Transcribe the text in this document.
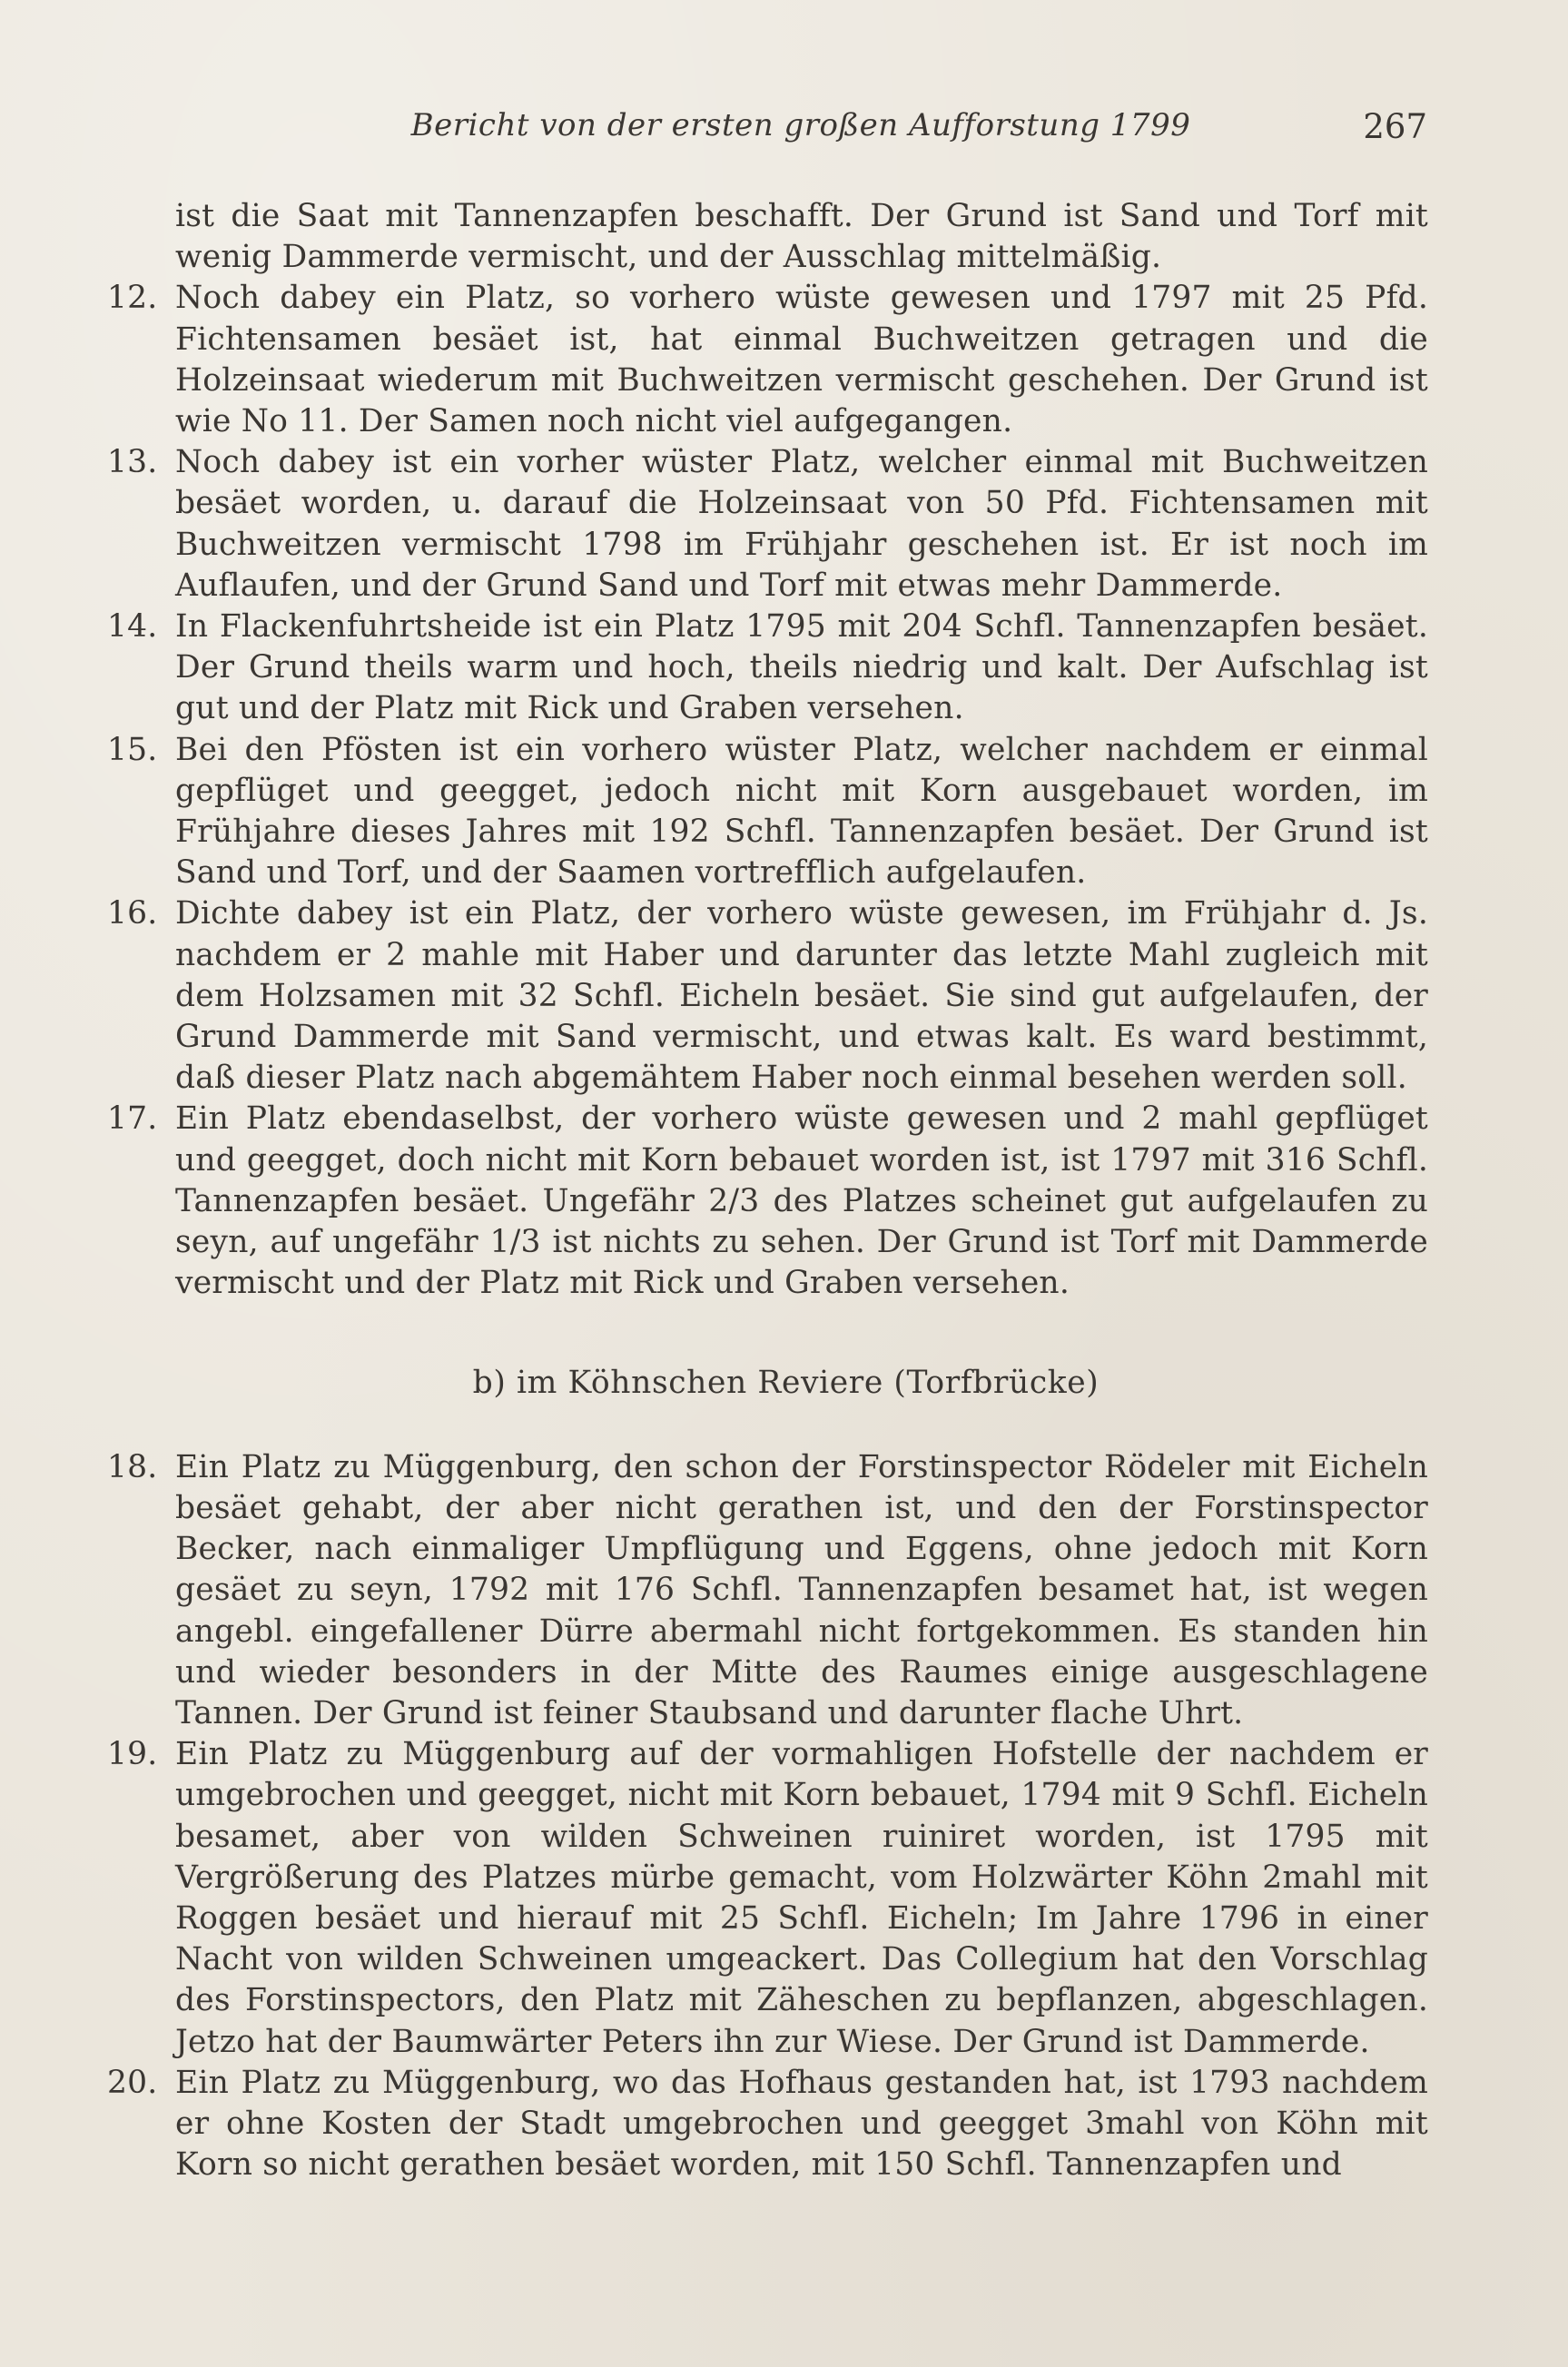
Bericht von der ersten großen Aufforstung 1799	267
ist die Saat mit Tannenzapfen beschafft. Der Grund ist Sand und Torf mit wenig Dammerde vermischt, und der Ausschlag mittelmäßig.
12. Noch dabey ein Platz, so vorhero wüste gewesen und 1797 mit 25 Pfd. Fichtensamen besäet ist, hat einmal Buchweitzen getragen und die Holzeinsaat wiederum mit Buchweitzen vermischt geschehen. Der Grund ist wie No 11. Der Samen noch nicht viel aufgegangen.
13. Noch dabey ist ein vorher wüster Platz, welcher einmal mit Buchweitzen besäet worden, u. darauf die Holzeinsaat von 50 Pfd. Fichtensamen mit Buchweitzen vermischt 1798 im Frühjahr geschehen ist. Er ist noch im Auflaufen, und der Grund Sand und Torf mit etwas mehr Dammerde.
14. In Flackenfuhrtsheide ist ein Platz 1795 mit 204 Schfl. Tannenzapfen besäet. Der Grund theils warm und hoch, theils niedrig und kalt. Der Aufschlag ist gut und der Platz mit Rick und Graben versehen.
15. Bei den Pfösten ist ein vorhero wüster Platz, welcher nachdem er einmal gepflüget und geegget, jedoch nicht mit Korn ausgebauet worden, im Frühjahre dieses Jahres mit 192 Schfl. Tannenzapfen besäet. Der Grund ist Sand und Torf, und der Saamen vortrefflich aufgelaufen.
16. Dichte dabey ist ein Platz, der vorhero wüste gewesen, im Frühjahr d. Js. nachdem er 2 mahle mit Haber und darunter das letzte Mahl zugleich mit dem Holzsamen mit 32 Schfl. Eicheln besäet. Sie sind gut aufgelaufen, der Grund Dammerde mit Sand vermischt, und etwas kalt. Es ward bestimmt, daß dieser Platz nach abgemähtem Haber noch einmal besehen werden soll.
17. Ein Platz ebendaselbst, der vorhero wüste gewesen und 2 mahl gepflüget und geegget, doch nicht mit Korn bebauet worden ist, ist 1797 mit 316 Schfl. Tannenzapfen besäet. Ungefähr 2/3 des Platzes scheinet gut aufgelaufen zu seyn, auf ungefähr 1/3 ist nichts zu sehen. Der Grund ist Torf mit Dammerde vermischt und der Platz mit Rick und Graben versehen.
b) im Köhnschen Reviere (Torfbrücke)
18. Ein Platz zu Müggenburg, den schon der Forstinspector Rödeler mit Eicheln besäet gehabt, der aber nicht gerathen ist, und den der Forstinspector Becker, nach einmaliger Umpflügung und Eggens, ohne jedoch mit Korn gesäet zu seyn, 1792 mit 176 Schfl. Tannenzapfen besamet hat, ist wegen angebl. eingefallener Dürre abermahl nicht fortgekommen. Es standen hin und wieder besonders in der Mitte des Raumes einige ausgeschlagene Tannen. Der Grund ist feiner Staubsand und darunter flache Uhrt.
19. Ein Platz zu Müggenburg auf der vormahligen Hofstelle der nachdem er umgebrochen und geegget, nicht mit Korn bebauet, 1794 mit 9 Schfl. Eicheln besamet, aber von wilden Schweinen ruiniret worden, ist 1795 mit Vergrößerung des Platzes mürbe gemacht, vom Holzwärter Köhn 2mahl mit Roggen besäet und hierauf mit 25 Schfl. Eicheln; Im Jahre 1796 in einer Nacht von wilden Schweinen umgeackert. Das Collegium hat den Vorschlag des Forstinspectors, den Platz mit Zäheschen zu bepflanzen, abgeschlagen. Jetzo hat der Baumwärter Peters ihn zur Wiese. Der Grund ist Dammerde.
20. Ein Platz zu Müggenburg, wo das Hofhaus gestanden hat, ist 1793 nachdem er ohne Kosten der Stadt umgebrochen und geegget 3mahl von Köhn mit Korn so nicht gerathen besäet worden, mit 150 Schfl. Tannenzapfen und
